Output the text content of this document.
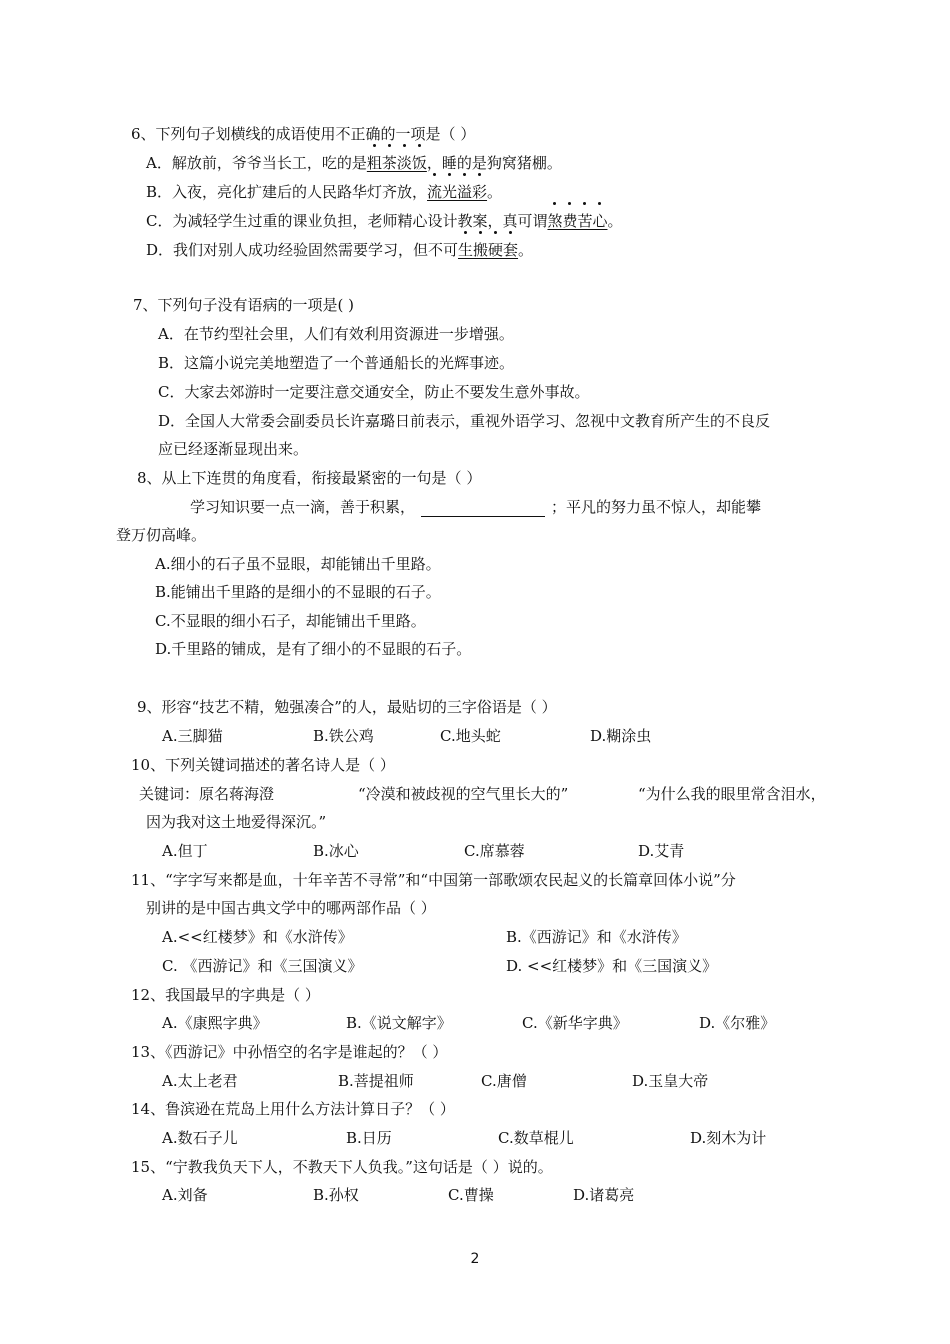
6、下列句子划横线的成语使用不正确的一项是（ ）
A．解放前，爷爷当长工，吃的是
粗茶淡饭，睡的是狗窝猪棚。
B．入夜，亮化扩建后的人民路华灯齐放，
流光溢彩。
C．为减轻学生过重的课业负担，老师精心设计教案，真可谓
煞费苦心。
D．我们对别人成功经验固然需要学习，但不可
生搬硬套。
7、下列句子没有语病的一项是( )
A．在节约型社会里，人们有效利用资源进一步增强。
B．这篇小说完美地塑造了一个普通船长的光辉事迹。
C．大家去郊游时一定要注意交通安全，防止不要发生意外事故。
D．全国人大常委会副委员长许嘉璐日前表示，重视外语学习、忽视中文教育所产生的不良反
应已经逐渐显现出来。
8、从上下连贯的角度看，衔接最紧密的一句是（ ）
学习知识要一点一滴，善于积累，	；平凡的努力虽不惊人，却能攀
登万仞高峰。
A.细小的石子虽不显眼，却能铺出千里路。
B.能铺出千里路的是细小的不显眼的石子。
C.不显眼的细小石子，却能铺出千里路。
D.千里路的铺成，是有了细小的不显眼的石子。
9、形容“技艺不精，勉强凑合”的人，最贴切的三字俗语是（ ）
A.三脚猫	B.铁公鸡	C.地头蛇	D.糊涂虫
10、下列关键词描述的著名诗人是（ ）
关键词：原名蒋海澄	“冷漠和被歧视的空气里长大的”	“为什么我的眼里常含泪水，
因为我对这土地爱得深沉。”
A.但丁	B.冰心	C.席慕蓉	D.艾青
11、“字字写来都是血，十年辛苦不寻常”和“中国第一部歌颂农民起义的长篇章回体小说”分
别讲的是中国古典文学中的哪两部作品（ ）
A.<<红楼梦》和《水浒传》	B.《西游记》和《水浒传》
C. 《西游记》和《三国演义》	D. <<红楼梦》和《三国演义》
12、我国最早的字典是（ ）
A.《康熙字典》	B.《说文解字》	C.《新华字典》	D.《尔雅》
13、《西游记》中孙悟空的名字是谁起的？（ ）
A.太上老君	B.菩提祖师	C.唐僧	D.玉皇大帝
14、鲁滨逊在荒岛上用什么方法计算日子？（ ）
A.数石子儿	B.日历	C.数草棍儿	D.刻木为计
15、“宁教我负天下人，不教天下人负我。”这句话是（ ）说的。
A.刘备	B.孙权	C.曹操	D.诸葛亮
2
